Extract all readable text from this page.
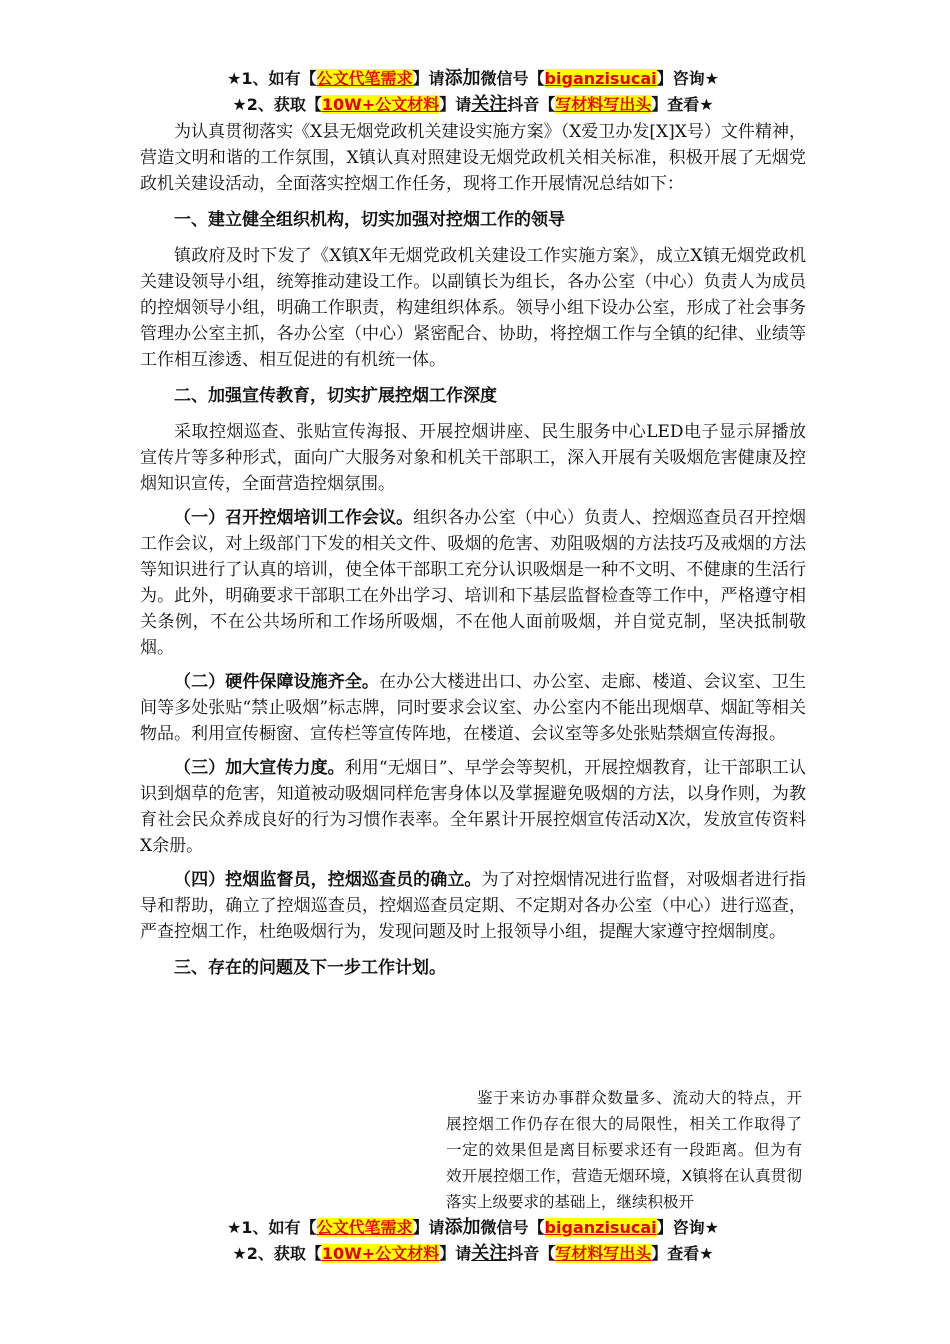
★1、如有【公文代笔需求】请添加微信号【biganzisucai】咨询★
★2、获取【10W+公文材料】请关注抖音【写材料写出头】查看★

为认真贯彻落实《X县无烟党政机关建设实施方案》（X爱卫办发[X]X号）文件精神，营造文明和谐的工作氛围，X镇认真对照建设无烟党政机关相关标准，积极开展了无烟党政机关建设活动，全面落实控烟工作任务，现将工作开展情况总结如下：

一、建立健全组织机构，切实加强对控烟工作的领导

镇政府及时下发了《X镇X年无烟党政机关建设工作实施方案》，成立X镇无烟党政机关建设领导小组，统筹推动建设工作。以副镇长为组长，各办公室（中心）负责人为成员的控烟领导小组，明确工作职责，构建组织体系。领导小组下设办公室，形成了社会事务管理办公室主抓，各办公室（中心）紧密配合、协助，将控烟工作与全镇的纪律、业绩等工作相互渗透、相互促进的有机统一体。

二、加强宣传教育，切实扩展控烟工作深度

采取控烟巡查、张贴宣传海报、开展控烟讲座、民生服务中心LED电子显示屏播放宣传片等多种形式，面向广大服务对象和机关干部职工，深入开展有关吸烟危害健康及控烟知识宣传，全面营造控烟氛围。

（一）召开控烟培训工作会议。组织各办公室（中心）负责人、控烟巡查员召开控烟工作会议，对上级部门下发的相关文件、吸烟的危害、劝阻吸烟的方法技巧及戒烟的方法等知识进行了认真的培训，使全体干部职工充分认识吸烟是一种不文明、不健康的生活行为。此外，明确要求干部职工在外出学习、培训和下基层监督检查等工作中，严格遵守相关条例，不在公共场所和工作场所吸烟，不在他人面前吸烟，并自觉克制，坚决抵制敬烟。

（二）硬件保障设施齐全。在办公大楼进出口、办公室、走廊、楼道、会议室、卫生间等多处张贴“禁止吸烟”标志牌，同时要求会议室、办公室内不能出现烟草、烟缸等相关物品。利用宣传橱窗、宣传栏等宣传阵地，在楼道、会议室等多处张贴禁烟宣传海报。

（三）加大宣传力度。利用“无烟日”、早学会等契机，开展控烟教育，让干部职工认识到烟草的危害，知道被动吸烟同样危害身体以及掌握避免吸烟的方法，以身作则，为教育社会民众养成良好的行为习惯作表率。全年累计开展控烟宣传活动X次，发放宣传资料X余册。

（四）控烟监督员，控烟巡查员的确立。为了对控烟情况进行监督，对吸烟者进行指导和帮助，确立了控烟巡查员，控烟巡查员定期、不定期对各办公室（中心）进行巡查，严查控烟工作，杜绝吸烟行为，发现问题及时上报领导小组，提醒大家遵守控烟制度。

三、存在的问题及下一步工作计划。
鉴于来访办事群众数量多、流动大的特点，开展控烟工作仍存在很大的局限性，相关工作取得了一定的效果但是离目标要求还有一段距离。但为有效开展控烟工作，营造无烟环境，X镇将在认真贯彻落实上级要求的基础上，继续积极开
★1、如有【公文代笔需求】请添加微信号【biganzisucai】咨询★
★2、获取【10W+公文材料】请关注抖音【写材料写出头】查看★
